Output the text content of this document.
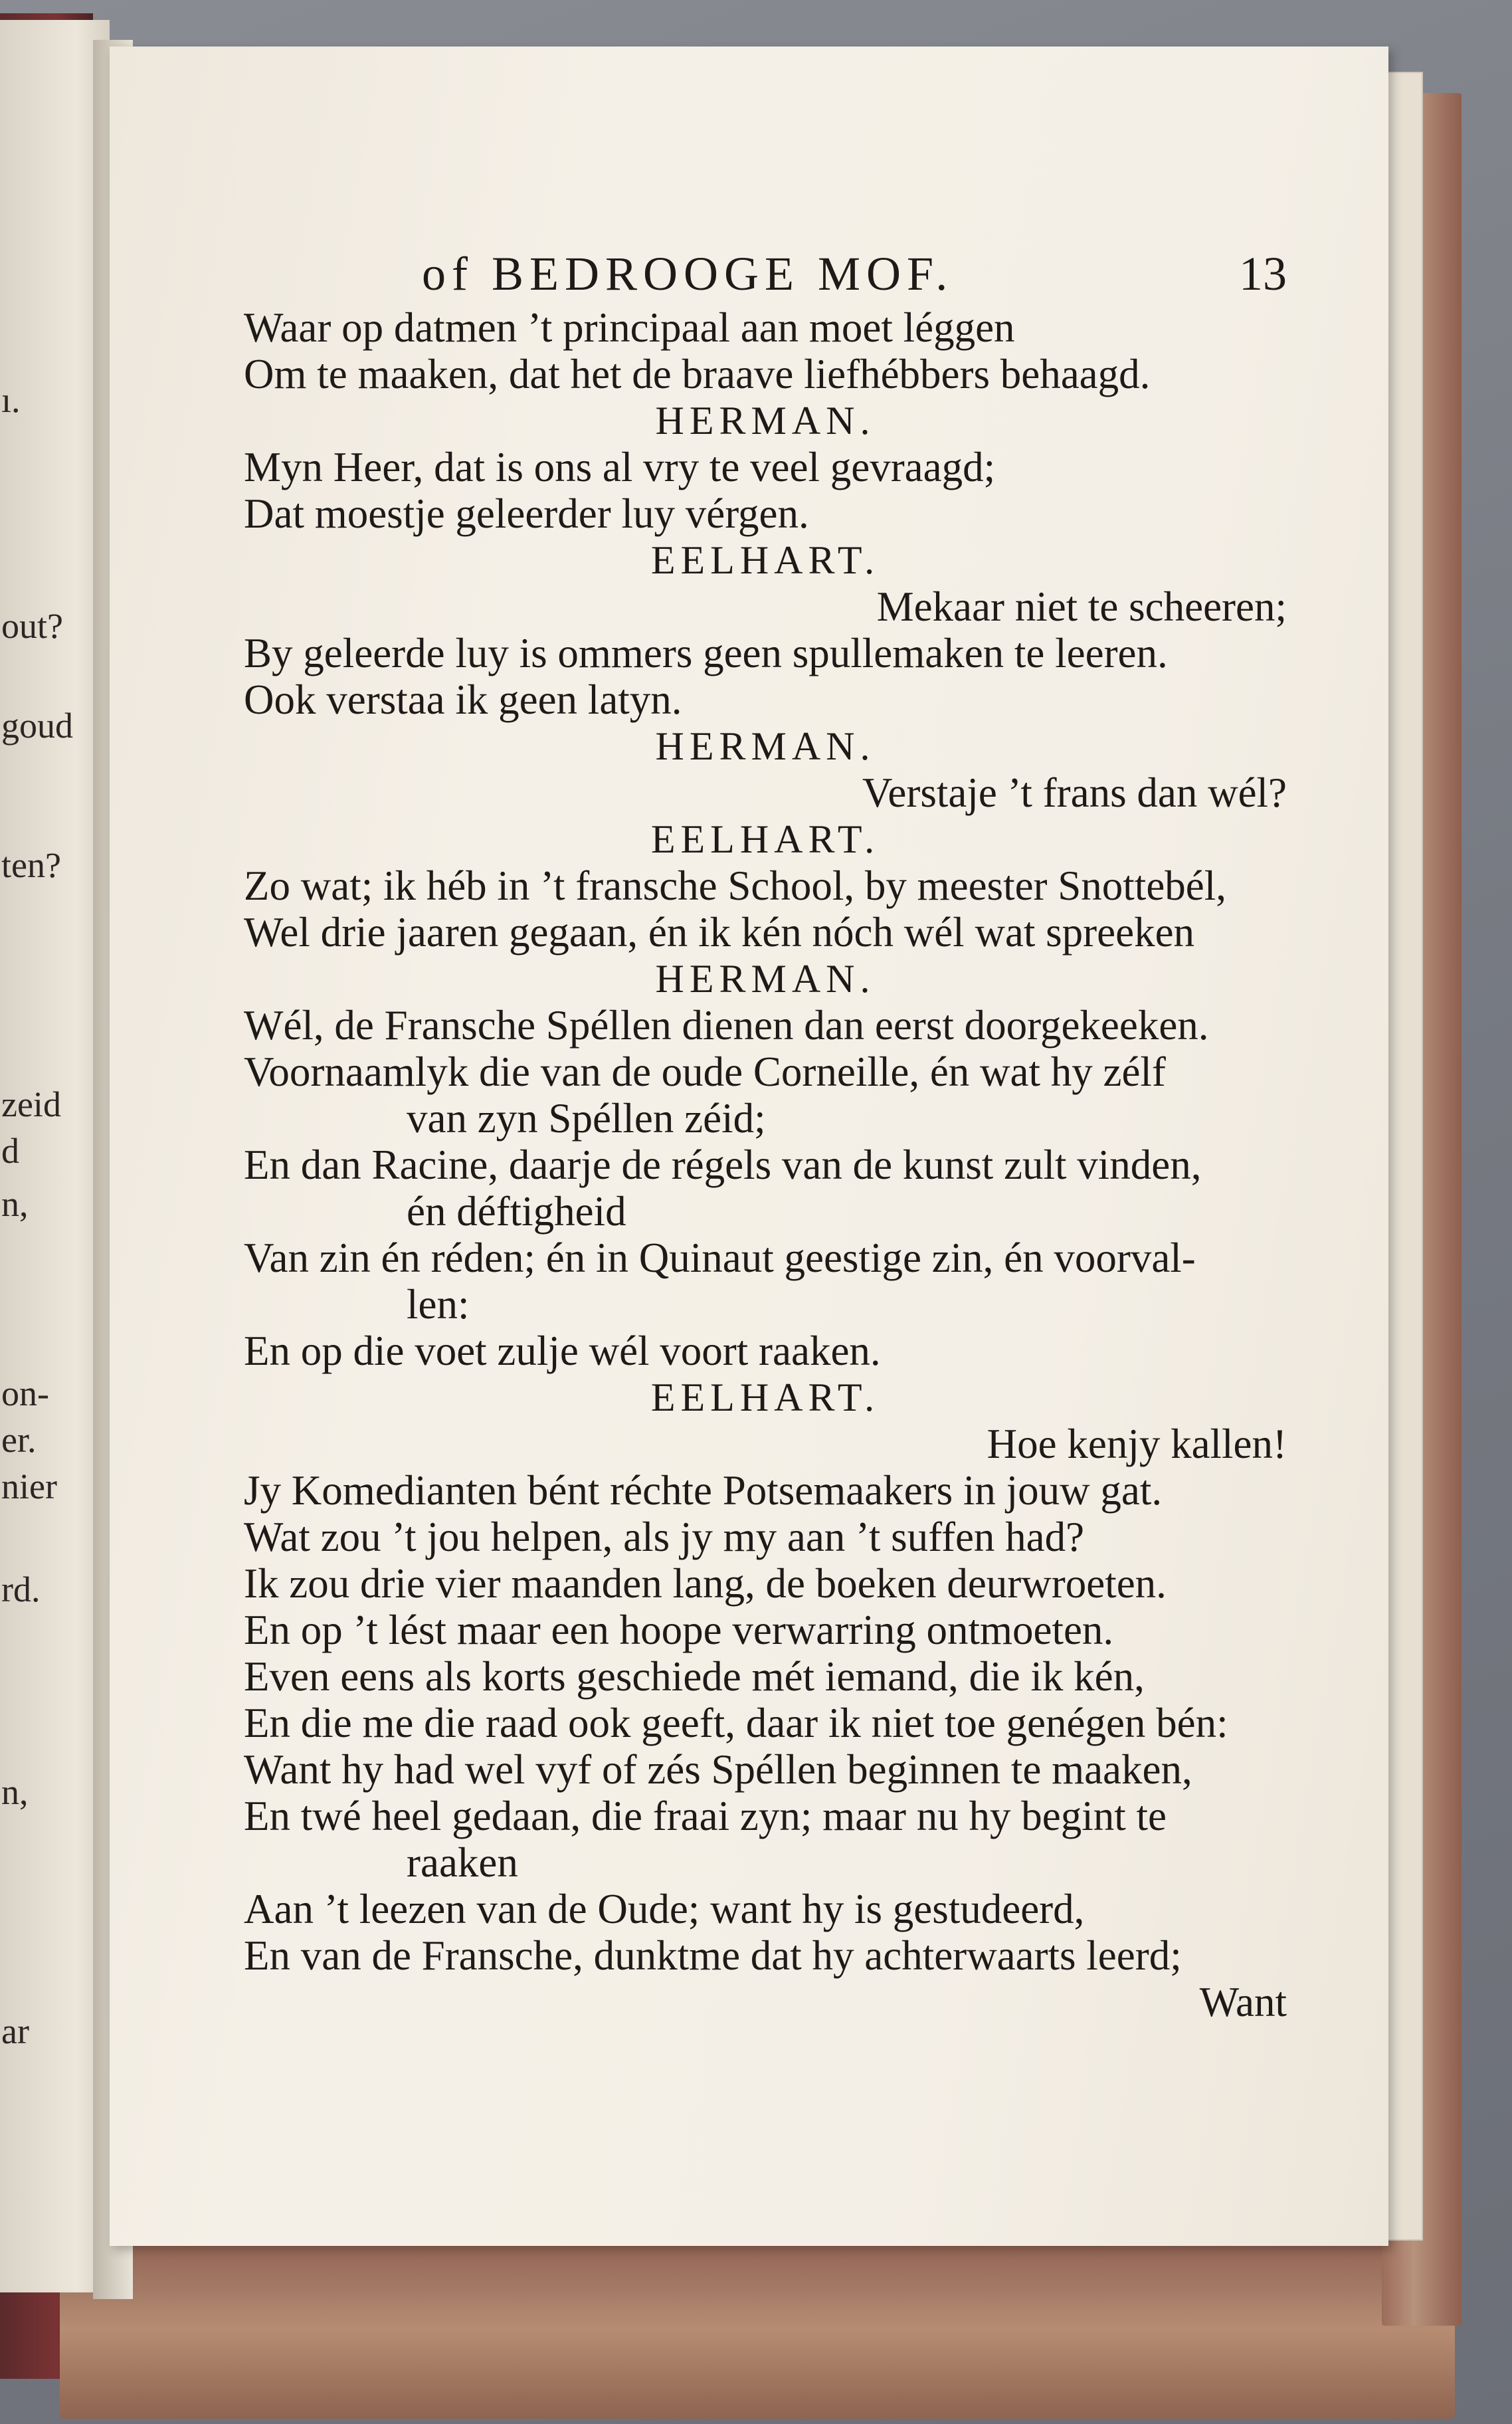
ı.
out?
goud
ten?
zeid
d
n,
on-
er.
nier
rd.
n,
ar
of BEDROOGE MOF.	13
Waar op datmen ’t principaal aan moet léggen
Om te maaken, dat het de braave liefhébbers behaagd.
HERMAN.
Myn Heer, dat is ons al vry te veel gevraagd;
Dat moestje geleerder luy vérgen.
EELHART.
Mekaar niet te scheeren;
By geleerde luy is ommers geen spullemaken te leeren.
Ook verstaa ik geen latyn.
HERMAN.
Verstaje ’t frans dan wél?
EELHART.
Zo wat; ik héb in ’t fransche School, by meester Snottebél,
Wel drie jaaren gegaan, én ik kén nóch wél wat spreeken
HERMAN.
Wél, de Fransche Spéllen dienen dan eerst doorgekeeken.
Voornaamlyk die van de oude Corneille, én wat hy zélf
van zyn Spéllen zéid;
En dan Racine, daarje de régels van de kunst zult vinden,
én déftigheid
Van zin én réden; én in Quinaut geestige zin, én voorval-
len:
En op die voet zulje wél voort raaken.
EELHART.
Hoe kenjy kallen!
Jy Komedianten bént réchte Potsemaakers in jouw gat.
Wat zou ’t jou helpen, als jy my aan ’t suffen had?
Ik zou drie vier maanden lang, de boeken deurwroeten.
En op ’t lést maar een hoope verwarring ontmoeten.
Even eens als korts geschiede mét iemand, die ik kén,
En die me die raad ook geeft, daar ik niet toe genégen bén:
Want hy had wel vyf of zés Spéllen beginnen te maaken,
En twé heel gedaan, die fraai zyn; maar nu hy begint te
raaken
Aan ’t leezen van de Oude; want hy is gestudeerd,
En van de Fransche, dunktme dat hy achterwaarts leerd;
Want
